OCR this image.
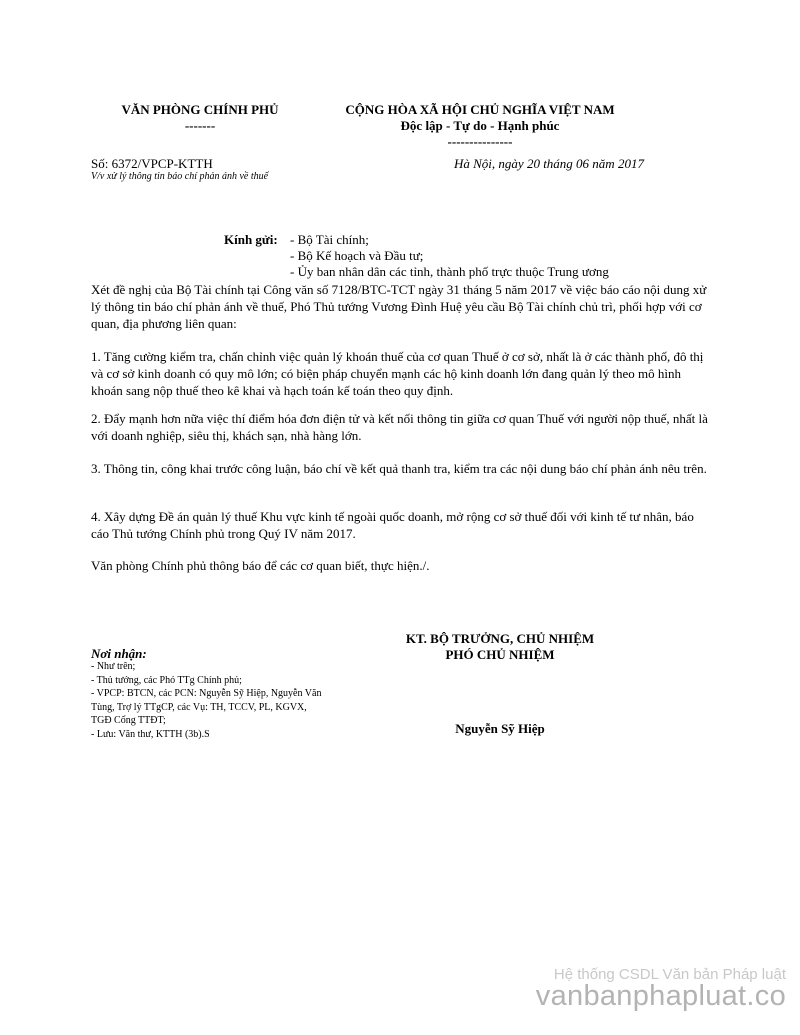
VĂN PHÒNG CHÍNH PHỦ
-------
CỘNG HÒA XÃ HỘI CHỦ NGHĨA VIỆT NAM
Độc lập - Tự do - Hạnh phúc
---------------
Số: 6372/VPCP-KTTH
V/v xử lý thông tin báo chí phản ánh về thuế
Hà Nội, ngày 20 tháng 06 năm 2017
Kính gửi: - Bộ Tài chính;
- Bộ Kế hoạch và Đầu tư;
- Ủy ban nhân dân các tỉnh, thành phố trực thuộc Trung ương
Xét đề nghị của Bộ Tài chính tại Công văn số 7128/BTC-TCT ngày 31 tháng 5 năm 2017 về việc báo cáo nội dung xử lý thông tin báo chí phản ánh về thuế, Phó Thủ tướng Vương Đình Huệ yêu cầu Bộ Tài chính chủ trì, phối hợp với cơ quan, địa phương liên quan:
1. Tăng cường kiểm tra, chấn chỉnh việc quản lý khoán thuế của cơ quan Thuế ở cơ sở, nhất là ở các thành phố, đô thị và cơ sở kinh doanh có quy mô lớn; có biện pháp chuyển mạnh các hộ kinh doanh lớn đang quản lý theo mô hình khoán sang nộp thuế theo kê khai và hạch toán kế toán theo quy định.
2. Đẩy mạnh hơn nữa việc thí điểm hóa đơn điện tử và kết nối thông tin giữa cơ quan Thuế với người nộp thuế, nhất là với doanh nghiệp, siêu thị, khách sạn, nhà hàng lớn.
3. Thông tin, công khai trước công luận, báo chí về kết quả thanh tra, kiểm tra các nội dung báo chí phản ánh nêu trên.
4. Xây dựng Đề án quản lý thuế Khu vực kinh tế ngoài quốc doanh, mở rộng cơ sở thuế đối với kinh tế tư nhân, báo cáo Thủ tướng Chính phủ trong Quý IV năm 2017.
Văn phòng Chính phủ thông báo để các cơ quan biết, thực hiện./.
Nơi nhận:
- Như trên;
- Thủ tướng, các Phó TTg Chính phủ;
- VPCP: BTCN, các PCN: Nguyễn Sỹ Hiệp, Nguyễn Văn Tùng, Trợ lý TTgCP, các Vụ: TH, TCCV, PL, KGVX, TGĐ Cổng TTĐT;
- Lưu: Văn thư, KTTH (3b).S
KT. BỘ TRƯỞNG, CHỦ NHIỆM
PHÓ CHỦ NHIỆM
Nguyễn Sỹ Hiệp
Hệ thống CSDL Văn bản Pháp luật
vanbanphapluat.co
